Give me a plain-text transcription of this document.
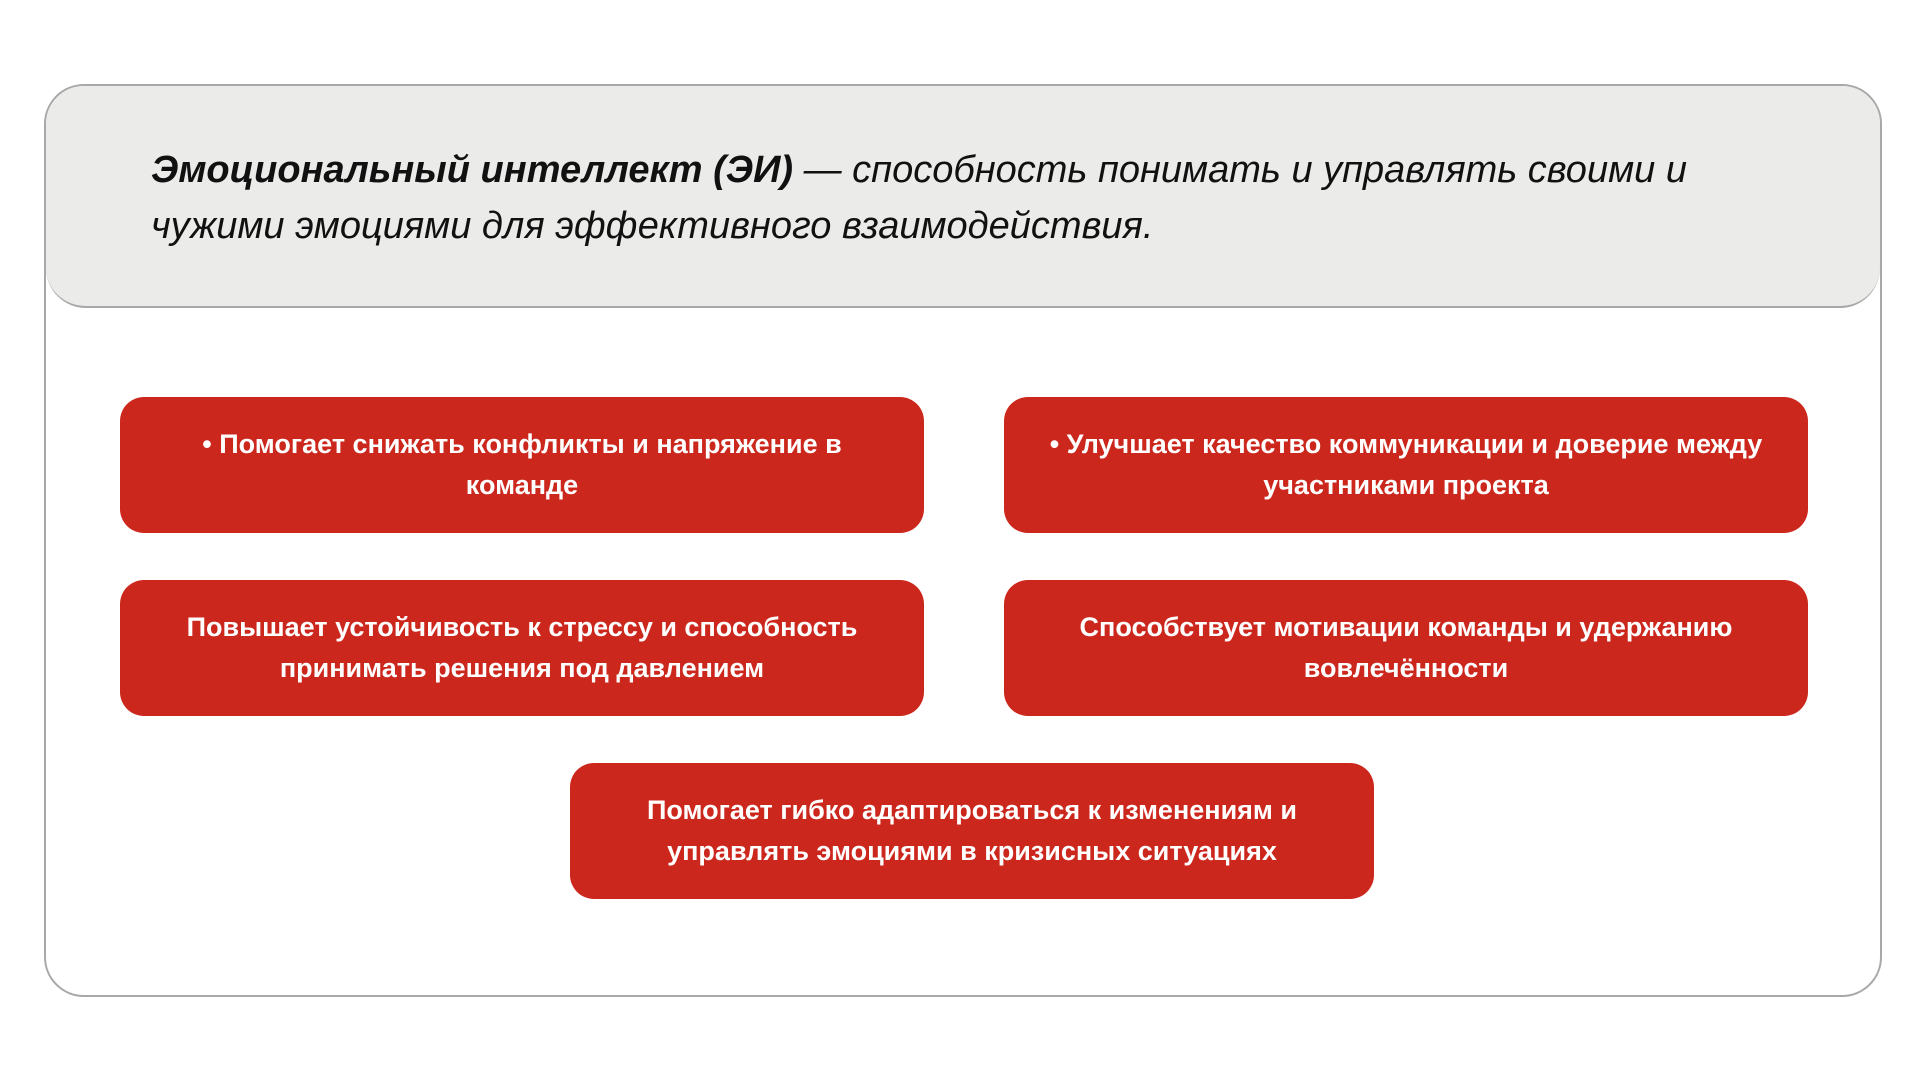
Эмоциональный интеллект (ЭИ) — способность понимать и управлять своими и чужими эмоциями для эффективного взаимодействия.

• Помогает снижать конфликты и напряжение в команде

• Улучшает качество коммуникации и доверие между участниками проекта

Повышает устойчивость к стрессу и способность принимать решения под давлением

Способствует мотивации команды и удержанию вовлечённости

Помогает гибко адаптироваться к изменениям и управлять эмоциями в кризисных ситуациях
